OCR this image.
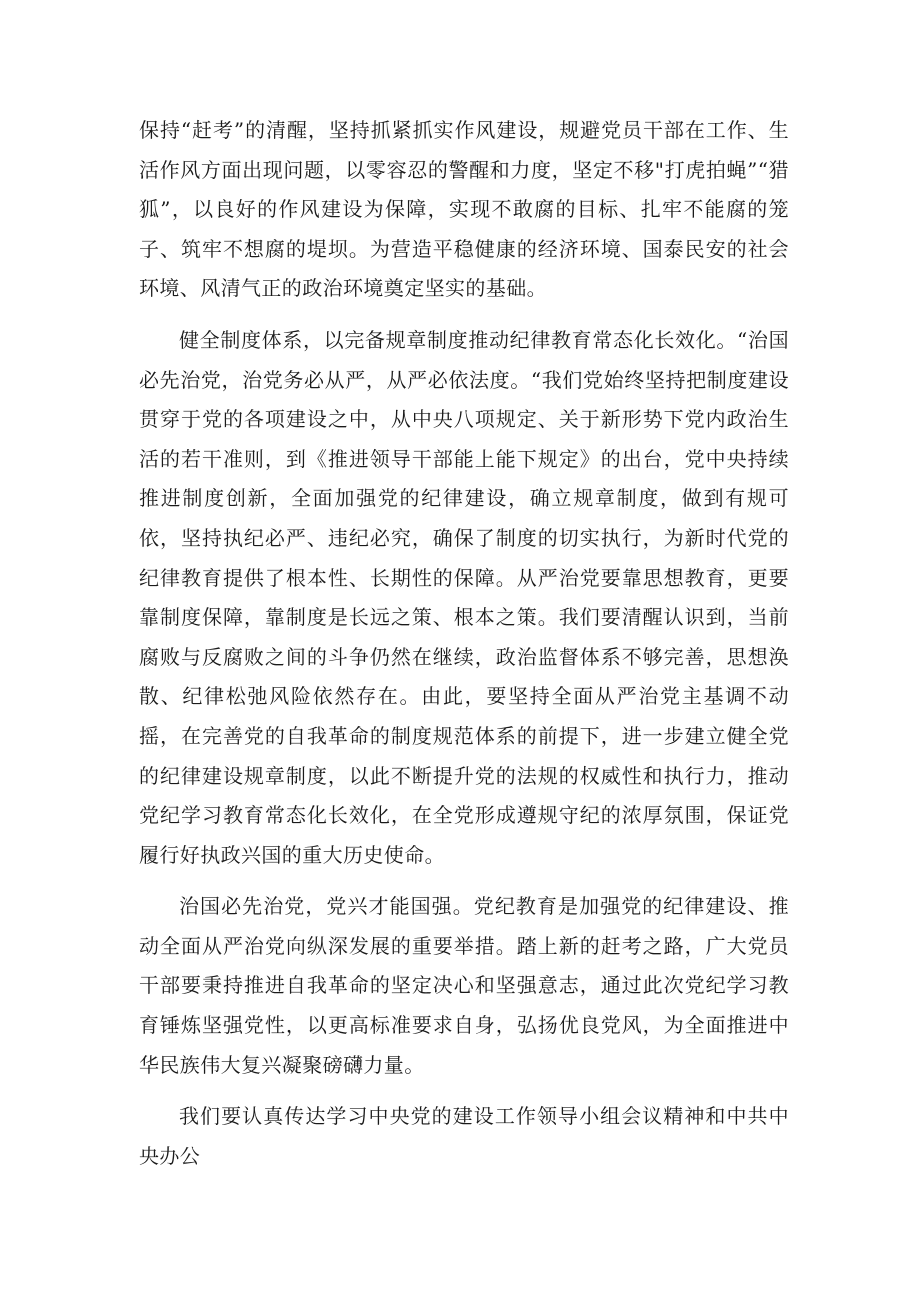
保持“赶考”的清醒，坚持抓紧抓实作风建设，规避党员干部在工作、生活作风方面出现问题，以零容忍的警醒和力度，坚定不移"打虎拍蝇”“猎狐”，以良好的作风建设为保障，实现不敢腐的目标、扎牢不能腐的笼子、筑牢不想腐的堤坝。为营造平稳健康的经济环境、国泰民安的社会环境、风清气正的政治环境奠定坚实的基础。

健全制度体系，以完备规章制度推动纪律教育常态化长效化。“治国必先治党，治党务必从严，从严必依法度。“我们党始终坚持把制度建设贯穿于党的各项建设之中，从中央八项规定、关于新形势下党内政治生活的若干准则，到《推进领导干部能上能下规定》的出台，党中央持续推进制度创新，全面加强党的纪律建设，确立规章制度，做到有规可依，坚持执纪必严、违纪必究，确保了制度的切实执行，为新时代党的纪律教育提供了根本性、长期性的保障。从严治党要靠思想教育，更要靠制度保障，靠制度是长远之策、根本之策。我们要清醒认识到，当前腐败与反腐败之间的斗争仍然在继续，政治监督体系不够完善，思想涣散、纪律松弛风险依然存在。由此，要坚持全面从严治党主基调不动摇，在完善党的自我革命的制度规范体系的前提下，进一步建立健全党的纪律建设规章制度，以此不断提升党的法规的权威性和执行力，推动党纪学习教育常态化长效化，在全党形成遵规守纪的浓厚氛围，保证党履行好执政兴国的重大历史使命。

治国必先治党，党兴才能国强。党纪教育是加强党的纪律建设、推动全面从严治党向纵深发展的重要举措。踏上新的赶考之路，广大党员干部要秉持推进自我革命的坚定决心和坚强意志，通过此次党纪学习教育锤炼坚强党性，以更高标准要求自身，弘扬优良党风，为全面推进中华民族伟大复兴凝聚磅礴力量。

我们要认真传达学习中央党的建设工作领导小组会议精神和中共中央办公
